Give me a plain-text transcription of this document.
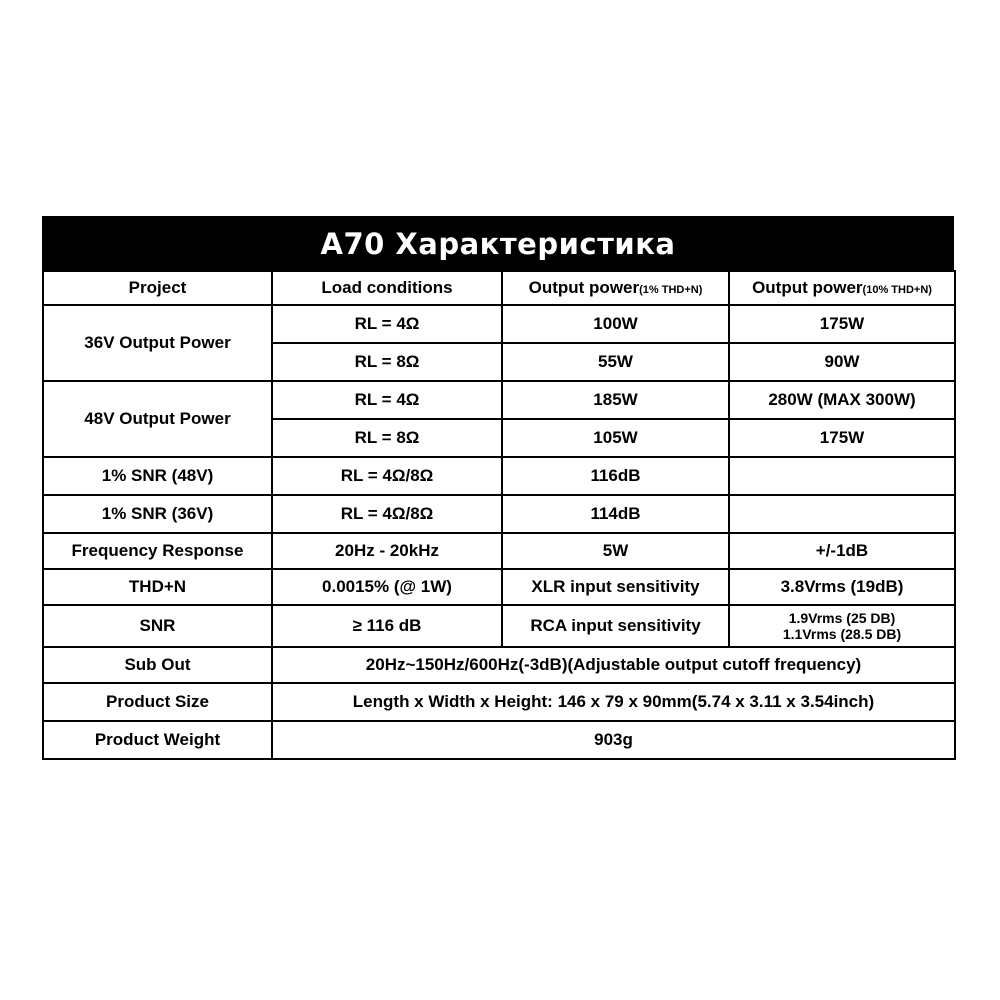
A70 Характеристика
Project	Load conditions	Output power(1% THD+N)	Output power(10% THD+N)
36V Output Power	RL = 4Ω	100W	175W
	RL = 8Ω	55W	90W
48V Output Power	RL = 4Ω	185W	280W (MAX 300W)
	RL = 8Ω	105W	175W
1% SNR (48V)	RL = 4Ω/8Ω	116dB	
1% SNR (36V)	RL = 4Ω/8Ω	114dB	
Frequency Response	20Hz - 20kHz	5W	+/-1dB
THD+N	0.0015% (@ 1W)	XLR input sensitivity	3.8Vrms (19dB)
SNR	≥ 116 dB	RCA input sensitivity	1.9Vrms (25 DB)
1.1Vrms (28.5 DB)

Sub Out	20Hz~150Hz/600Hz(-3dB)(Adjustable output cutoff frequency)		
Product Size	Length x Width x Height: 146 x 79 x 90mm(5.74 x 3.11 x 3.54inch)		
Product Weight	903g		
